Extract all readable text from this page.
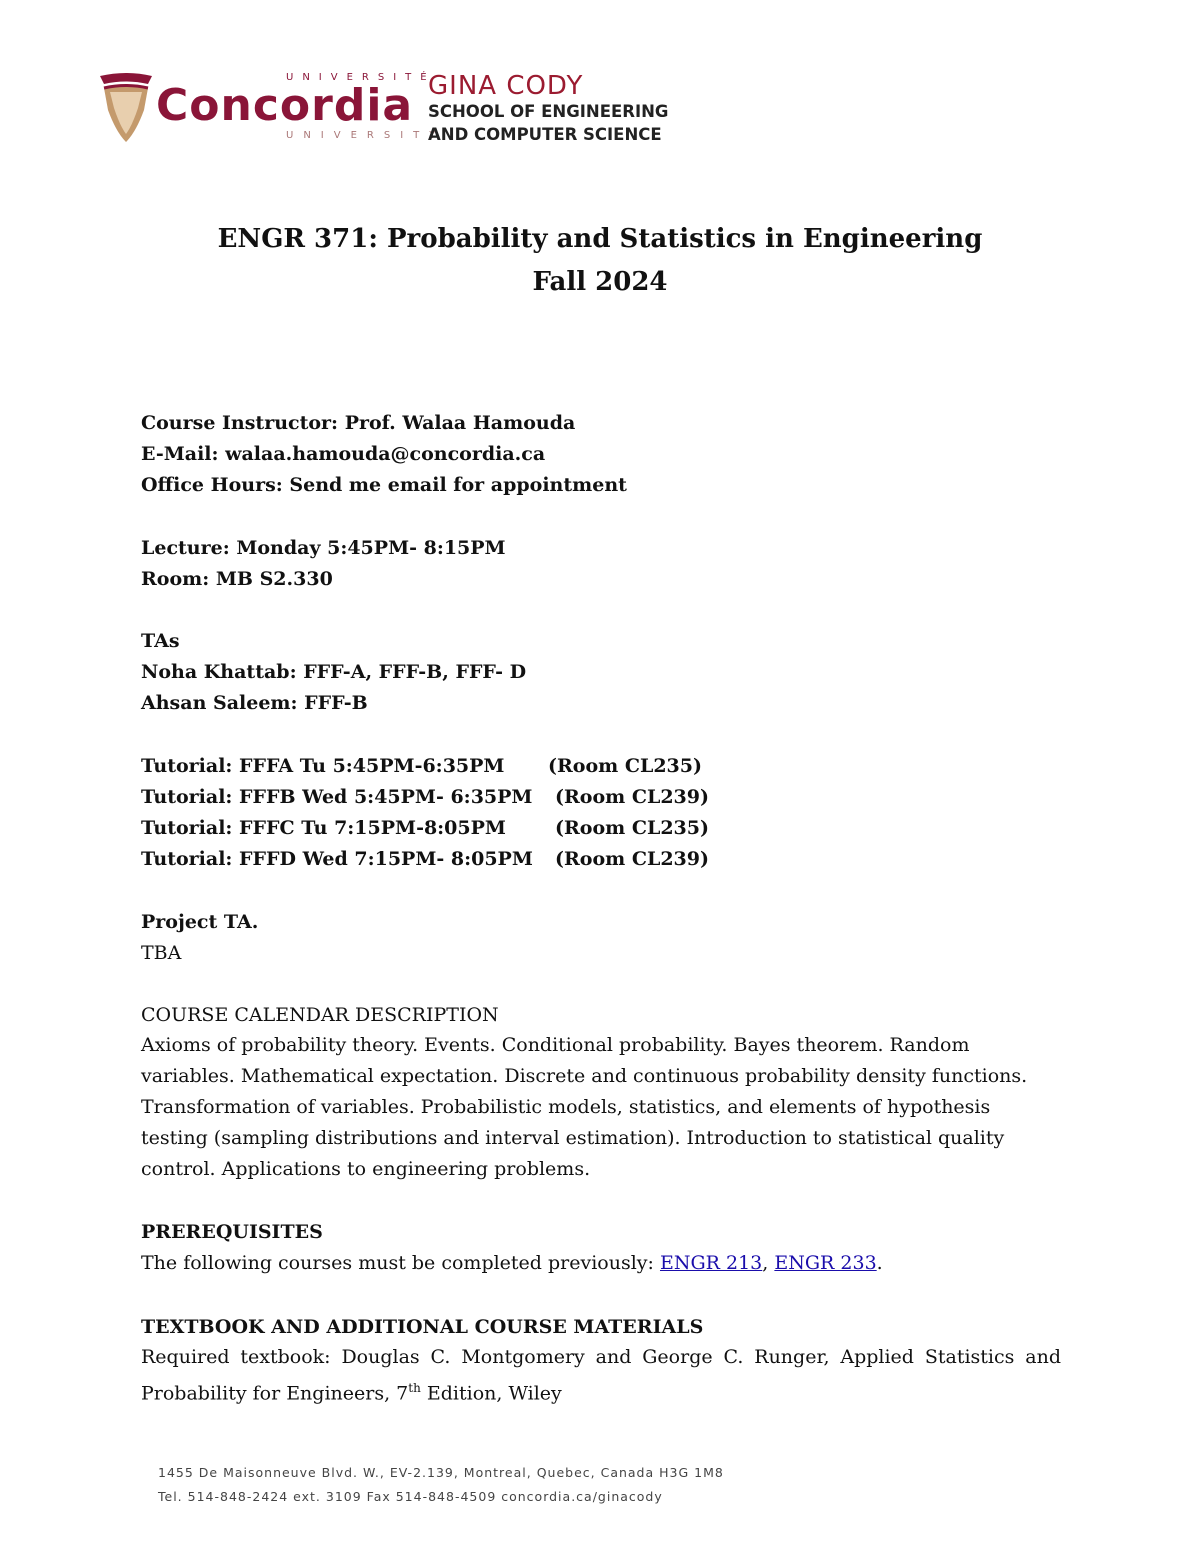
UNIVERSITÉ
Concordia
UNIVERSITY
GINA CODY
SCHOOL OF ENGINEERING
AND COMPUTER SCIENCE
ENGR 371: Probability and Statistics in Engineering
Fall 2024
Course Instructor: Prof. Walaa Hamouda
E-Mail: walaa.hamouda@concordia.ca
Office Hours: Send me email for appointment
Lecture: Monday 5:45PM- 8:15PM
Room: MB S2.330
TAs
Noha Khattab: FFF-A, FFF-B, FFF- D
Ahsan Saleem: FFF-B
Tutorial: FFFA Tu 5:45PM-6:35PM (Room CL235)
Tutorial: FFFB Wed 5:45PM- 6:35PM (Room CL239)
Tutorial: FFFC Tu 7:15PM-8:05PM	(Room CL235)
Tutorial: FFFD Wed 7:15PM- 8:05PM (Room CL239)
Project TA.
TBA
COURSE CALENDAR DESCRIPTION
Axioms of probability theory. Events. Conditional probability. Bayes theorem. Random variables. Mathematical expectation. Discrete and continuous probability density functions. Transformation of variables. Probabilistic models, statistics, and elements of hypothesis testing (sampling distributions and interval estimation). Introduction to statistical quality control. Applications to engineering problems.
PREREQUISITES
The following courses must be completed previously: ENGR 213, ENGR 233.
TEXTBOOK AND ADDITIONAL COURSE MATERIALS
Required textbook: Douglas C. Montgomery and George C. Runger, Applied Statistics and Probability for Engineers, 7th Edition, Wiley
1455 De Maisonneuve Blvd. W., EV-2.139, Montreal, Quebec, Canada H3G 1M8
Tel. 514-848-2424 ext. 3109 Fax 514-848-4509 concordia.ca/ginacody
